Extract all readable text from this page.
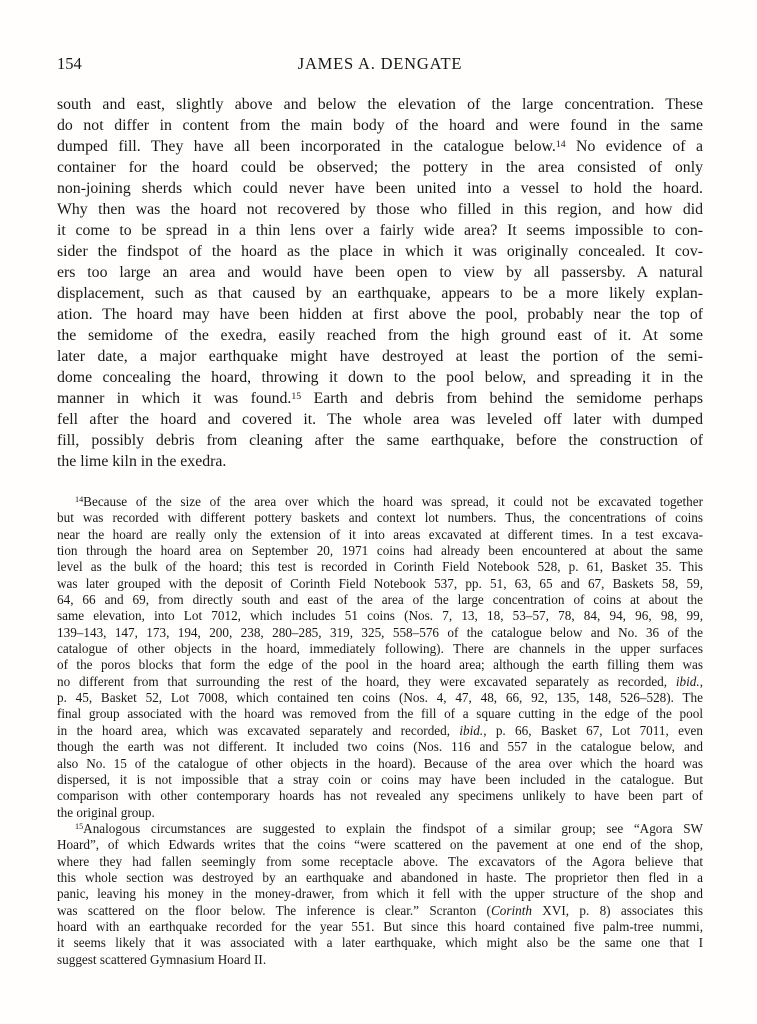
154	JAMES A. DENGATE
south and east, slightly above and below the elevation of the large concentration. These
do not differ in content from the main body of the hoard and were found in the same
dumped fill. They have all been incorporated in the catalogue below.$^{14}$ No evidence of a
container for the hoard could be observed; the pottery in the area consisted of only
non-joining sherds which could never have been united into a vessel to hold the hoard.
Why then was the hoard not recovered by those who filled in this region, and how did
it come to be spread in a thin lens over a fairly wide area? It seems impossible to con-
sider the findspot of the hoard as the place in which it was originally concealed. It cov-
ers too large an area and would have been open to view by all passersby. A natural
displacement, such as that caused by an earthquake, appears to be a more likely explan-
ation. The hoard may have been hidden at first above the pool, probably near the top of
the semidome of the exedra, easily reached from the high ground east of it. At some
later date, a major earthquake might have destroyed at least the portion of the semi-
dome concealing the hoard, throwing it down to the pool below, and spreading it in the
manner in which it was found.$^{15}$ Earth and debris from behind the semidome perhaps
fell after the hoard and covered it. The whole area was leveled off later with dumped
fill, possibly debris from cleaning after the same earthquake, before the construction of
the lime kiln in the exedra.
$^{14}$Because of the size of the area over which the hoard was spread, it could not be excavated together
but was recorded with different pottery baskets and context lot numbers. Thus, the concentrations of coins
near the hoard are really only the extension of it into areas excavated at different times. In a test excava-
tion through the hoard area on September 20, 1971 coins had already been encountered at about the same
level as the bulk of the hoard; this test is recorded in Corinth Field Notebook 528, p. 61, Basket 35. This
was later grouped with the deposit of Corinth Field Notebook 537, pp. 51, 63, 65 and 67, Baskets 58, 59,
64, 66 and 69, from directly south and east of the area of the large concentration of coins at about the
same elevation, into Lot 7012, which includes 51 coins (Nos. 7, 13, 18, 53–57, 78, 84, 94, 96, 98, 99,
139–143, 147, 173, 194, 200, 238, 280–285, 319, 325, 558–576 of the catalogue below and No. 36 of the
catalogue of other objects in the hoard, immediately following). There are channels in the upper surfaces
of the poros blocks that form the edge of the pool in the hoard area; although the earth filling them was
no different from that surrounding the rest of the hoard, they were excavated separately as recorded, ibid.,
p. 45, Basket 52, Lot 7008, which contained ten coins (Nos. 4, 47, 48, 66, 92, 135, 148, 526–528). The
final group associated with the hoard was removed from the fill of a square cutting in the edge of the pool
in the hoard area, which was excavated separately and recorded, ibid., p. 66, Basket 67, Lot 7011, even
though the earth was not different. It included two coins (Nos. 116 and 557 in the catalogue below, and
also No. 15 of the catalogue of other objects in the hoard). Because of the area over which the hoard was
dispersed, it is not impossible that a stray coin or coins may have been included in the catalogue. But
comparison with other contemporary hoards has not revealed any specimens unlikely to have been part of
the original group.
$^{15}$Analogous circumstances are suggested to explain the findspot of a similar group; see “Agora SW
Hoard”, of which Edwards writes that the coins “were scattered on the pavement at one end of the shop,
where they had fallen seemingly from some receptacle above. The excavators of the Agora believe that
this whole section was destroyed by an earthquake and abandoned in haste. The proprietor then fled in a
panic, leaving his money in the money-drawer, from which it fell with the upper structure of the shop and
was scattered on the floor below. The inference is clear.” Scranton (Corinth XVI, p. 8) associates this
hoard with an earthquake recorded for the year 551. But since this hoard contained five palm-tree nummi,
it seems likely that it was associated with a later earthquake, which might also be the same one that I
suggest scattered Gymnasium Hoard II.
